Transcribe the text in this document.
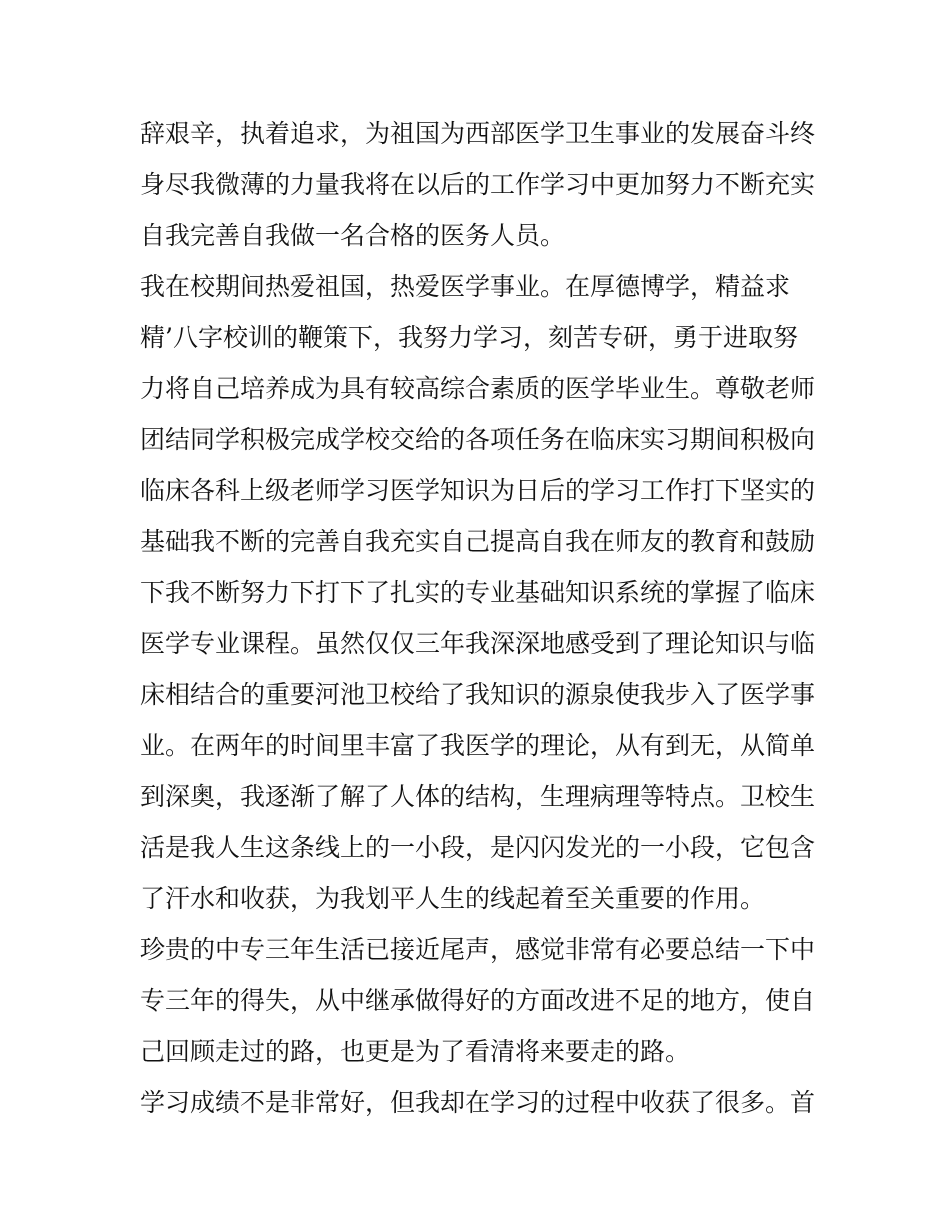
辞艰辛，执着追求，为祖国为西部医学卫生事业的发展奋斗终
身尽我微薄的力量我将在以后的工作学习中更加努力不断充实
自我完善自我做一名合格的医务人员。
我在校期间热爱祖国，热爱医学事业。在厚德博学，精益求
精’八字校训的鞭策下，我努力学习，刻苦专研，勇于进取努
力将自己培养成为具有较高综合素质的医学毕业生。尊敬老师
团结同学积极完成学校交给的各项任务在临床实习期间积极向
临床各科上级老师学习医学知识为日后的学习工作打下坚实的
基础我不断的完善自我充实自己提高自我在师友的教育和鼓励
下我不断努力下打下了扎实的专业基础知识系统的掌握了临床
医学专业课程。虽然仅仅三年我深深地感受到了理论知识与临
床相结合的重要河池卫校给了我知识的源泉使我步入了医学事
业。在两年的时间里丰富了我医学的理论，从有到无，从简单
到深奥，我逐渐了解了人体的结构，生理病理等特点。卫校生
活是我人生这条线上的一小段，是闪闪发光的一小段，它包含
了汗水和收获，为我划平人生的线起着至关重要的作用。
珍贵的中专三年生活已接近尾声，感觉非常有必要总结一下中
专三年的得失，从中继承做得好的方面改进不足的地方，使自
己回顾走过的路，也更是为了看清将来要走的路。
学习成绩不是非常好，但我却在学习的过程中收获了很多。首
